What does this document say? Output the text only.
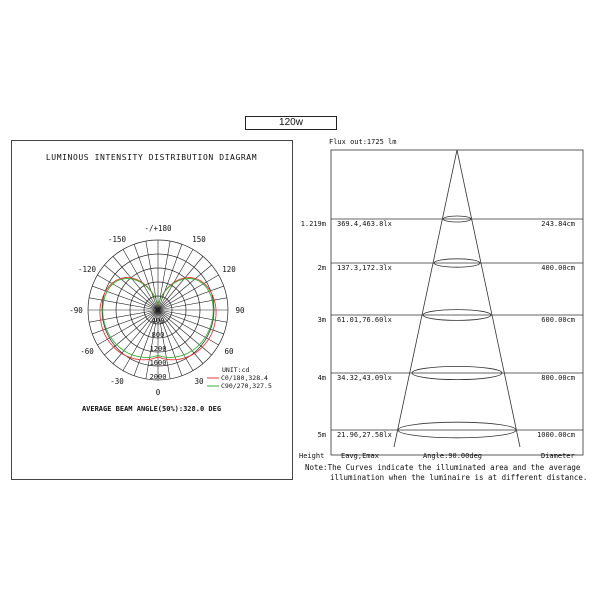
120w
LUMINOUS INTENSITY DISTRIBUTION DIAGRAM
-/+180
150
120
90
60
30
0
-30
-60
-90
-120
-150
400
800
1200
1600
2000
UNIT:cd
C0/180,328.4
C90/270,327.5
1.219m 369.4,463.8lx	243.84cm
2m 137.3,172.3lx	400.00cm
3m 61.01,76.60lx	600.00cm
4m 34.32,43.09lx	800.00cm
5m 21.96,27.58lx	1000.00cm
Height Eavg,Emax	Angle:90.00deg	Diameter
AVERAGE BEAM ANGLE(50%):328.0 DEG
Flux out:1725 lm
Note:The Curves indicate the illuminated area and the average
illumination when the luminaire is at different distance.
